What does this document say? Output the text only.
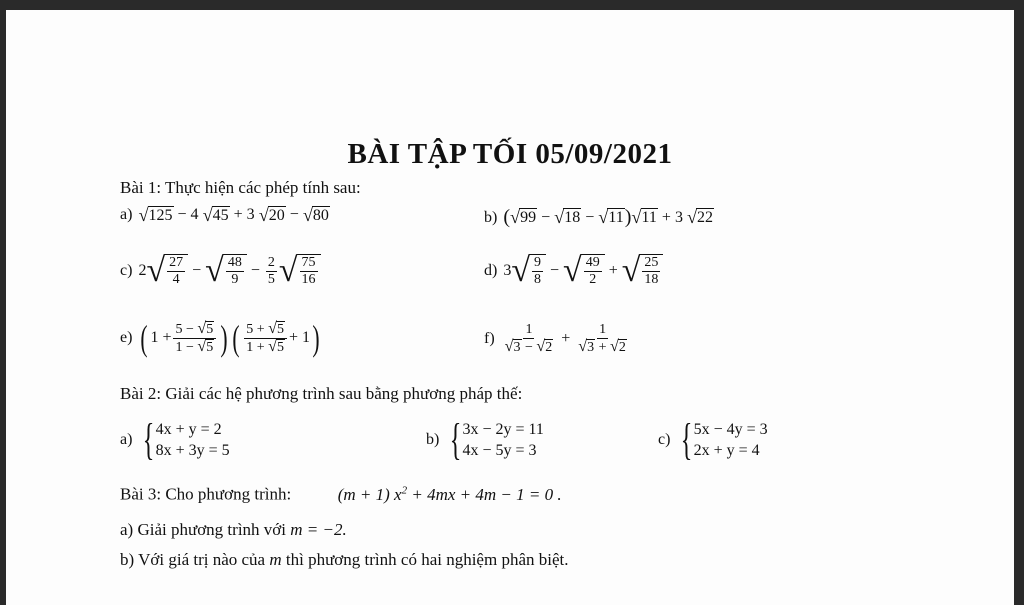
BÀI TẬP TỐI 05/09/2021
Bài 1: Thực hiện các phép tính sau:
a) √ 125 − 4 √ 45 + 3 √ 20 − √ 80	b) ( √ 99 − √ 18 − √ 11 ) √ 11 + 3 √ 22
c) 2 √ $\frac{27}{4}$ − √ $\frac{48}{9} - \frac{2}{5}$ √ $\frac{75}{16}$	d) 3 √ $\frac{9}{8}$ − √ $\frac{49}{2}$ + √ $\frac{25}{18}$
e) ( $1 + \frac{5 - √ 5}{1 - √ 5}$ ) ( $\frac{5 + √ 5}{1 + √ 5} + 1$ )	$f) \frac{1}{√ 3 - √ 2} + \frac{1}{√ 3 + √ 2}$
Bài 2: Giải các hệ phương trình sau bằng phương pháp thế:
a) { 4x + y = 2
8x + 3y = 5
b) { 3x − 2y = 11
4x − 5y = 3
c) { 5x − 4y = 3
2x + y = 4
Bài 3: Cho phương trình:	(m + 1) $x^2 + 4mx + 4m - 1 = 0$ .
a) Giải phương trình với m = −2.
b) Với giá trị nào của m thì phương trình có hai nghiệm phân biệt.
